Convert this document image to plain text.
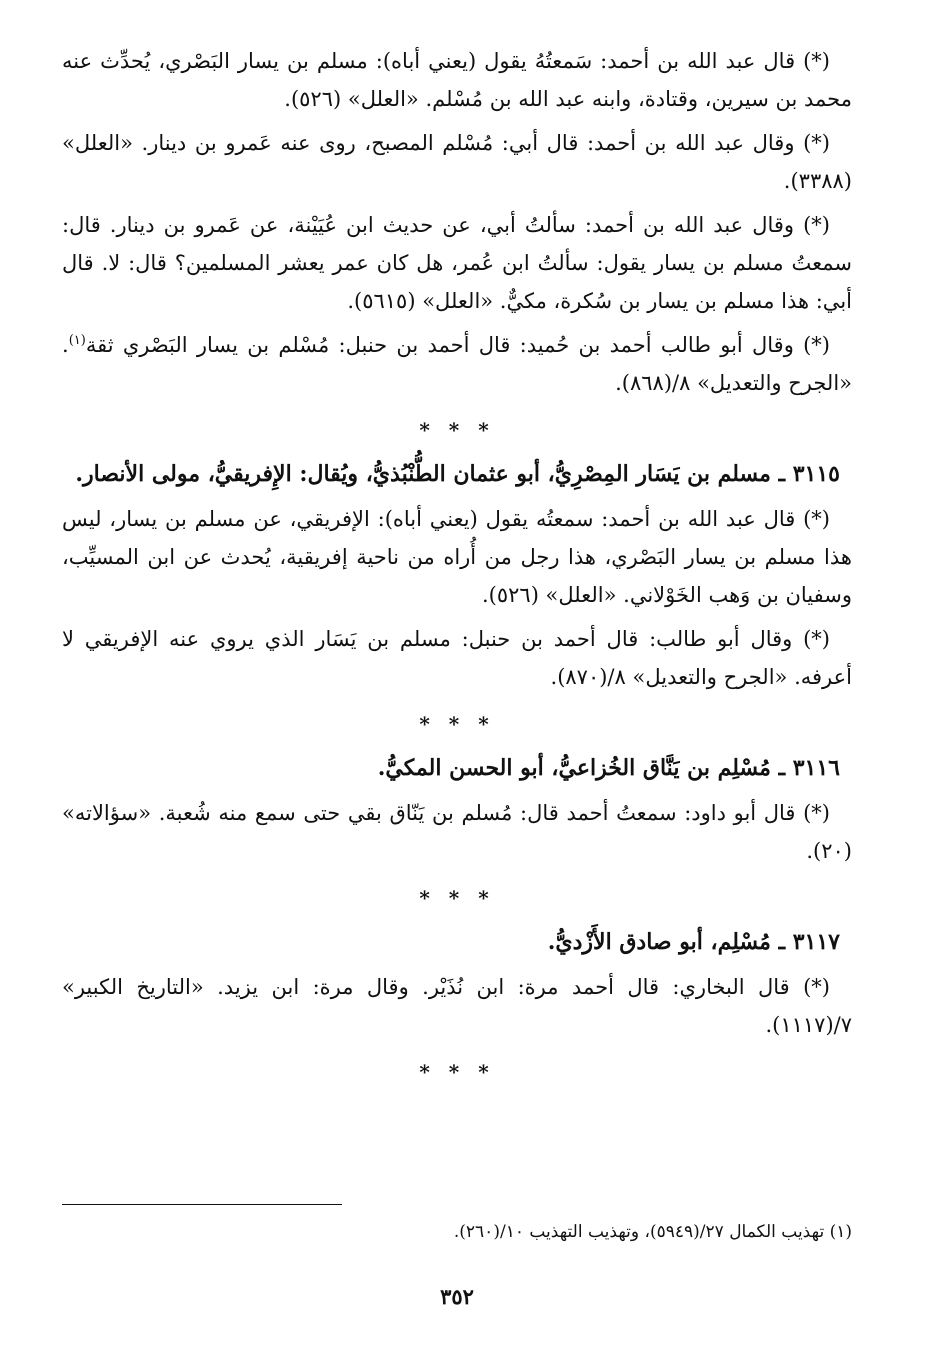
(*) قال عبد الله بن أحمد: سَمعتُهُ يقول (يعني أباه): مسلم بن يسار البَصْري، يُحدِّث عنه محمد بن سيرين، وقتادة، وابنه عبد الله بن مُسْلم. «العلل» (٥٢٦).

(*) وقال عبد الله بن أحمد: قال أبي: مُسْلم المصبح، روى عنه عَمرو بن دينار. «العلل» (٣٣٨٨).

(*) وقال عبد الله بن أحمد: سألتُ أبي، عن حديث ابن عُيَيْنة، عن عَمرو بن دينار. قال: سمعتُ مسلم بن يسار يقول: سألتُ ابن عُمر، هل كان عمر يعشر المسلمين؟ قال: لا. قال أبي: هذا مسلم بن يسار بن سُكرة، مكيٌّ. «العلل» (٥٦١٥).

(*) وقال أبو طالب أحمد بن حُميد: قال أحمد بن حنبل: مُسْلم بن يسار البَصْري ثقة$^{(١)}$. «الجرح والتعديل» ٨/(٨٦٨).

* * *
٣١١٥ ـ مسلم بن يَسَار المِصْرِيُّ، أبو عثمان الطُّنْبُذيُّ، ويُقال: الإِفريقيُّ، مولى الأنصار.

(*) قال عبد الله بن أحمد: سمعتُه يقول (يعني أباه): الإفريقي، عن مسلم بن يسار، ليس هذا مسلم بن يسار البَصْري، هذا رجل من أُراه من ناحية إفريقية، يُحدث عن ابن المسيِّب، وسفيان بن وَهب الخَوْلاني. «العلل» (٥٢٦).

(*) وقال أبو طالب: قال أحمد بن حنبل: مسلم بن يَسَار الذي يروي عنه الإفريقي لا أعرفه. «الجرح والتعديل» ٨/(٨٧٠).

* * *
٣١١٦ ـ مُسْلِم بن يَنَّاق الخُزاعيُّ، أبو الحسن المكيُّ.

(*) قال أبو داود: سمعتُ أحمد قال: مُسلم بن يَنّاق بقي حتى سمع منه شُعبة. «سؤالاته» (٢٠).

* * *
٣١١٧ ـ مُسْلِم، أبو صادق الأَزْديُّ.

(*) قال البخاري: قال أحمد مرة: ابن نُذَيْر. وقال مرة: ابن يزيد. «التاريخ الكبير» ٧/(١١١٧).

* * *

(١) تهذيب الكمال ٢٧/(٥٩٤٩)، وتهذيب التهذيب ١٠/(٢٦٠).

٣٥٢
